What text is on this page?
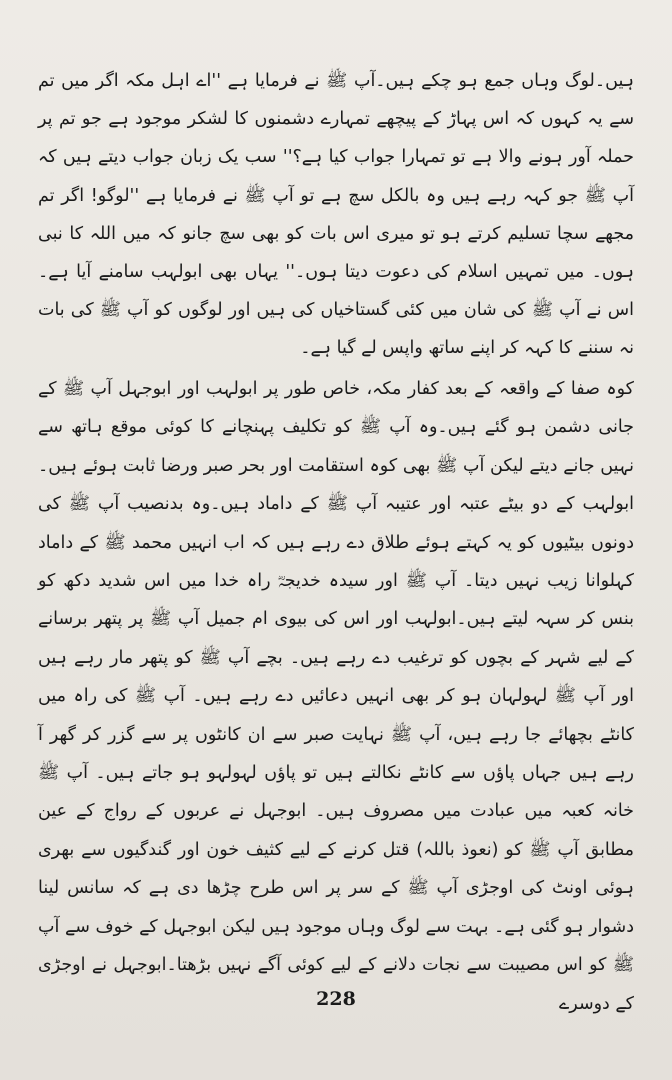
ہیں۔لوگ وہاں جمع ہو چکے ہیں۔آپ ﷺ نے فرمایا ہے ''اے اہل مکہ اگر میں تم سے یہ کہوں کہ اس پہاڑ کے پیچھے تمہارے دشمنوں کا لشکر موجود ہے جو تم پر حملہ آور ہونے والا ہے تو تمہارا جواب کیا ہے؟'' سب یک زبان جواب دیتے ہیں کہ آپ ﷺ جو کہہ رہے ہیں وہ بالکل سچ ہے تو آپ ﷺ نے فرمایا ہے ''لوگو! اگر تم مجھے سچا تسلیم کرتے ہو تو میری اس بات کو بھی سچ جانو کہ میں اللہ کا نبی ہوں۔ میں تمہیں اسلام کی دعوت دیتا ہوں۔'' یہاں بھی ابولہب سامنے آیا ہے۔اس نے آپ ﷺ کی شان میں کئی گستاخیاں کی ہیں اور لوگوں کو آپ ﷺ کی بات نہ سننے کا کہہ کر اپنے ساتھ واپس لے گیا ہے۔

کوہ صفا کے واقعہ کے بعد کفار مکہ، خاص طور پر ابولہب اور ابوجہل آپ ﷺ کے جانی دشمن ہو گئے ہیں۔وہ آپ ﷺ کو تکلیف پہنچانے کا کوئی موقع ہاتھ سے نہیں جانے دیتے لیکن آپ ﷺ بھی کوہ استقامت اور بحر صبر ورضا ثابت ہوئے ہیں۔ ابولہب کے دو بیٹے عتبہ اور عتیبہ آپ ﷺ کے داماد ہیں۔وہ بدنصیب آپ ﷺ کی دونوں بیٹیوں کو یہ کہتے ہوئے طلاق دے رہے ہیں کہ اب انہیں محمد ﷺ کے داماد کہلوانا زیب نہیں دیتا۔ آپ ﷺ اور سیدہ خدیجہؓ راہ خدا میں اس شدید دکھ کو بنس کر سہہ لیتے ہیں۔ابولہب اور اس کی بیوی ام جمیل آپ ﷺ پر پتھر برسانے کے لیے شہر کے بچوں کو ترغیب دے رہے ہیں۔ بچے آپ ﷺ کو پتھر مار رہے ہیں اور آپ ﷺ لہولہان ہو کر بھی انہیں دعائیں دے رہے ہیں۔ آپ ﷺ کی راہ میں کانٹے بچھائے جا رہے ہیں، آپ ﷺ نہایت صبر سے ان کانٹوں پر سے گزر کر گھر آ رہے ہیں جہاں پاؤں سے کانٹے نکالتے ہیں تو پاؤں لہولہو ہو جاتے ہیں۔ آپ ﷺ خانہ کعبہ میں عبادت میں مصروف ہیں۔ ابوجہل نے عربوں کے رواج کے عین مطابق آپ ﷺ کو (نعوذ باللہ) قتل کرنے کے لیے کثیف خون اور گندگیوں سے بھری ہوئی اونٹ کی اوجڑی آپ ﷺ کے سر پر اس طرح چڑھا دی ہے کہ سانس لینا دشوار ہو گئی ہے۔ بہت سے لوگ وہاں موجود ہیں لیکن ابوجہل کے خوف سے آپ ﷺ کو اس مصیبت سے نجات دلانے کے لیے کوئی آگے نہیں بڑھتا۔ابوجہل نے اوجڑی کے دوسرے

228
